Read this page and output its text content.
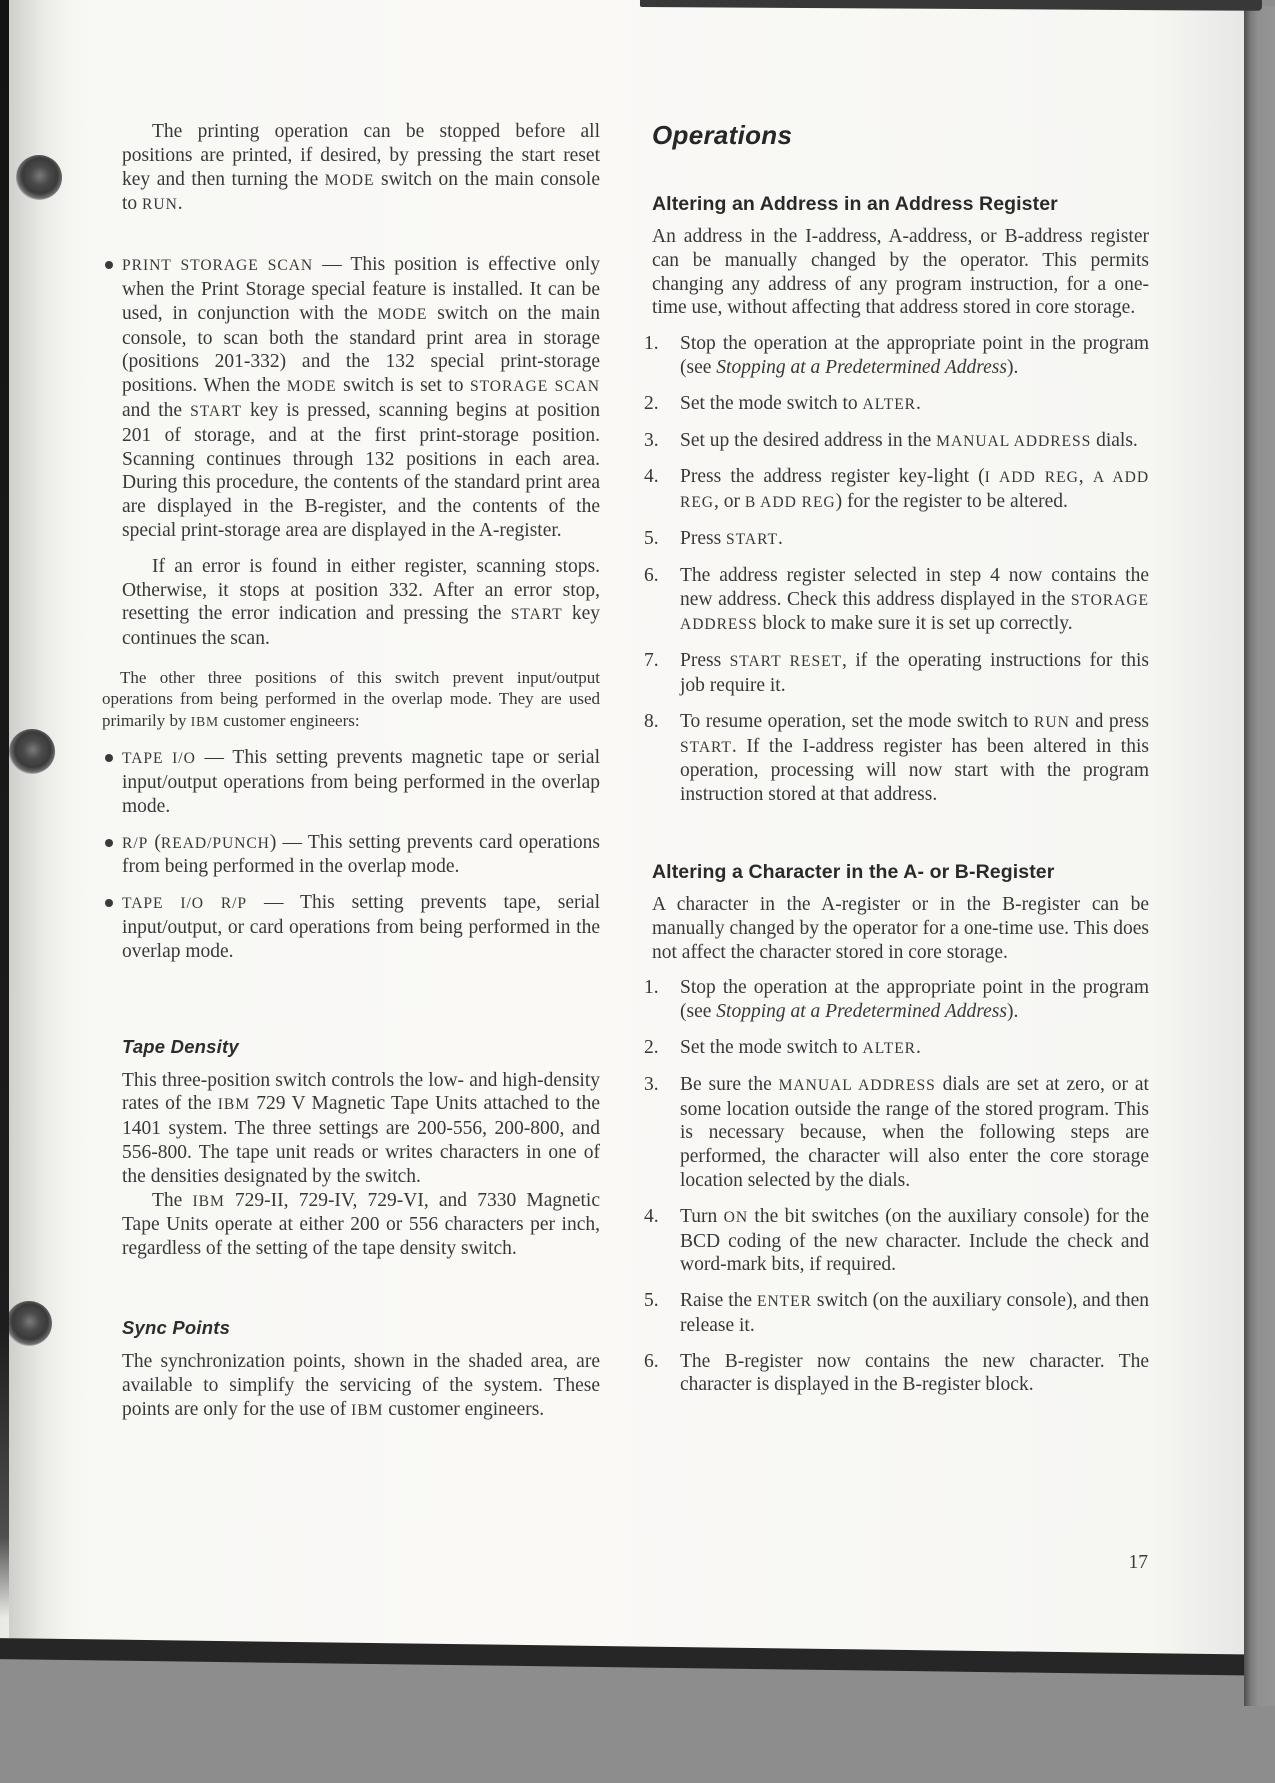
The printing operation can be stopped before all positions are printed, if desired, by pressing the start reset key and then turning the MODE switch on the main console to RUN.

PRINT STORAGE SCAN — This position is effective only when the Print Storage special feature is installed. It can be used, in conjunction with the MODE switch on the main console, to scan both the standard print area in storage (positions 201-332) and the 132 special print-storage positions. When the MODE switch is set to STORAGE SCAN and the START key is pressed, scanning begins at position 201 of storage, and at the first print-storage position. Scanning continues through 132 positions in each area. During this procedure, the contents of the standard print area are displayed in the B-register, and the contents of the special print-storage area are displayed in the A-register.

If an error is found in either register, scanning stops. Otherwise, it stops at position 332. After an error stop, resetting the error indication and pressing the START key continues the scan.

The other three positions of this switch prevent input/output operations from being performed in the overlap mode. They are used primarily by IBM customer engineers:

TAPE I/O — This setting prevents magnetic tape or serial input/output operations from being performed in the overlap mode.
R/P (READ/PUNCH) — This setting prevents card operations from being performed in the overlap mode.
TAPE I/O R/P — This setting prevents tape, serial input/output, or card operations from being performed in the overlap mode.
Tape Density

This three-position switch controls the low- and high-density rates of the IBM 729 V Magnetic Tape Units attached to the 1401 system. The three settings are 200-556, 200-800, and 556-800. The tape unit reads or writes characters in one of the densities designated by the switch.

The IBM 729-II, 729-IV, 729-VI, and 7330 Magnetic Tape Units operate at either 200 or 556 characters per inch, regardless of the setting of the tape density switch.

Sync Points

The synchronization points, shown in the shaded area, are available to simplify the servicing of the system. These points are only for the use of IBM customer engineers.

Operations
Altering an Address in an Address Register

An address in the I-address, A-address, or B-address register can be manually changed by the operator. This permits changing any address of any program instruction, for a one-time use, without affecting that address stored in core storage.

1. Stop the operation at the appropriate point in the program (see Stopping at a Predetermined Address).
2. Set the mode switch to ALTER.
3. Set up the desired address in the MANUAL ADDRESS dials.
4. Press the address register key-light (I ADD REG, A ADD REG, or B ADD REG) for the register to be altered.
5. Press START.
6. The address register selected in step 4 now contains the new address. Check this address displayed in the STORAGE ADDRESS block to make sure it is set up correctly.
7. Press START RESET, if the operating instructions for this job require it.
8. To resume operation, set the mode switch to RUN and press START. If the I-address register has been altered in this operation, processing will now start with the program instruction stored at that address.
Altering a Character in the A- or B-Register

A character in the A-register or in the B-register can be manually changed by the operator for a one-time use. This does not affect the character stored in core storage.

1. Stop the operation at the appropriate point in the program (see Stopping at a Predetermined Address).
2. Set the mode switch to ALTER.
3. Be sure the MANUAL ADDRESS dials are set at zero, or at some location outside the range of the stored program. This is necessary because, when the following steps are performed, the character will also enter the core storage location selected by the dials.
4. Turn ON the bit switches (on the auxiliary console) for the BCD coding of the new character. Include the check and word-mark bits, if required.
5. Raise the ENTER switch (on the auxiliary console), and then release it.
6. The B-register now contains the new character. The character is displayed in the B-register block.
17
